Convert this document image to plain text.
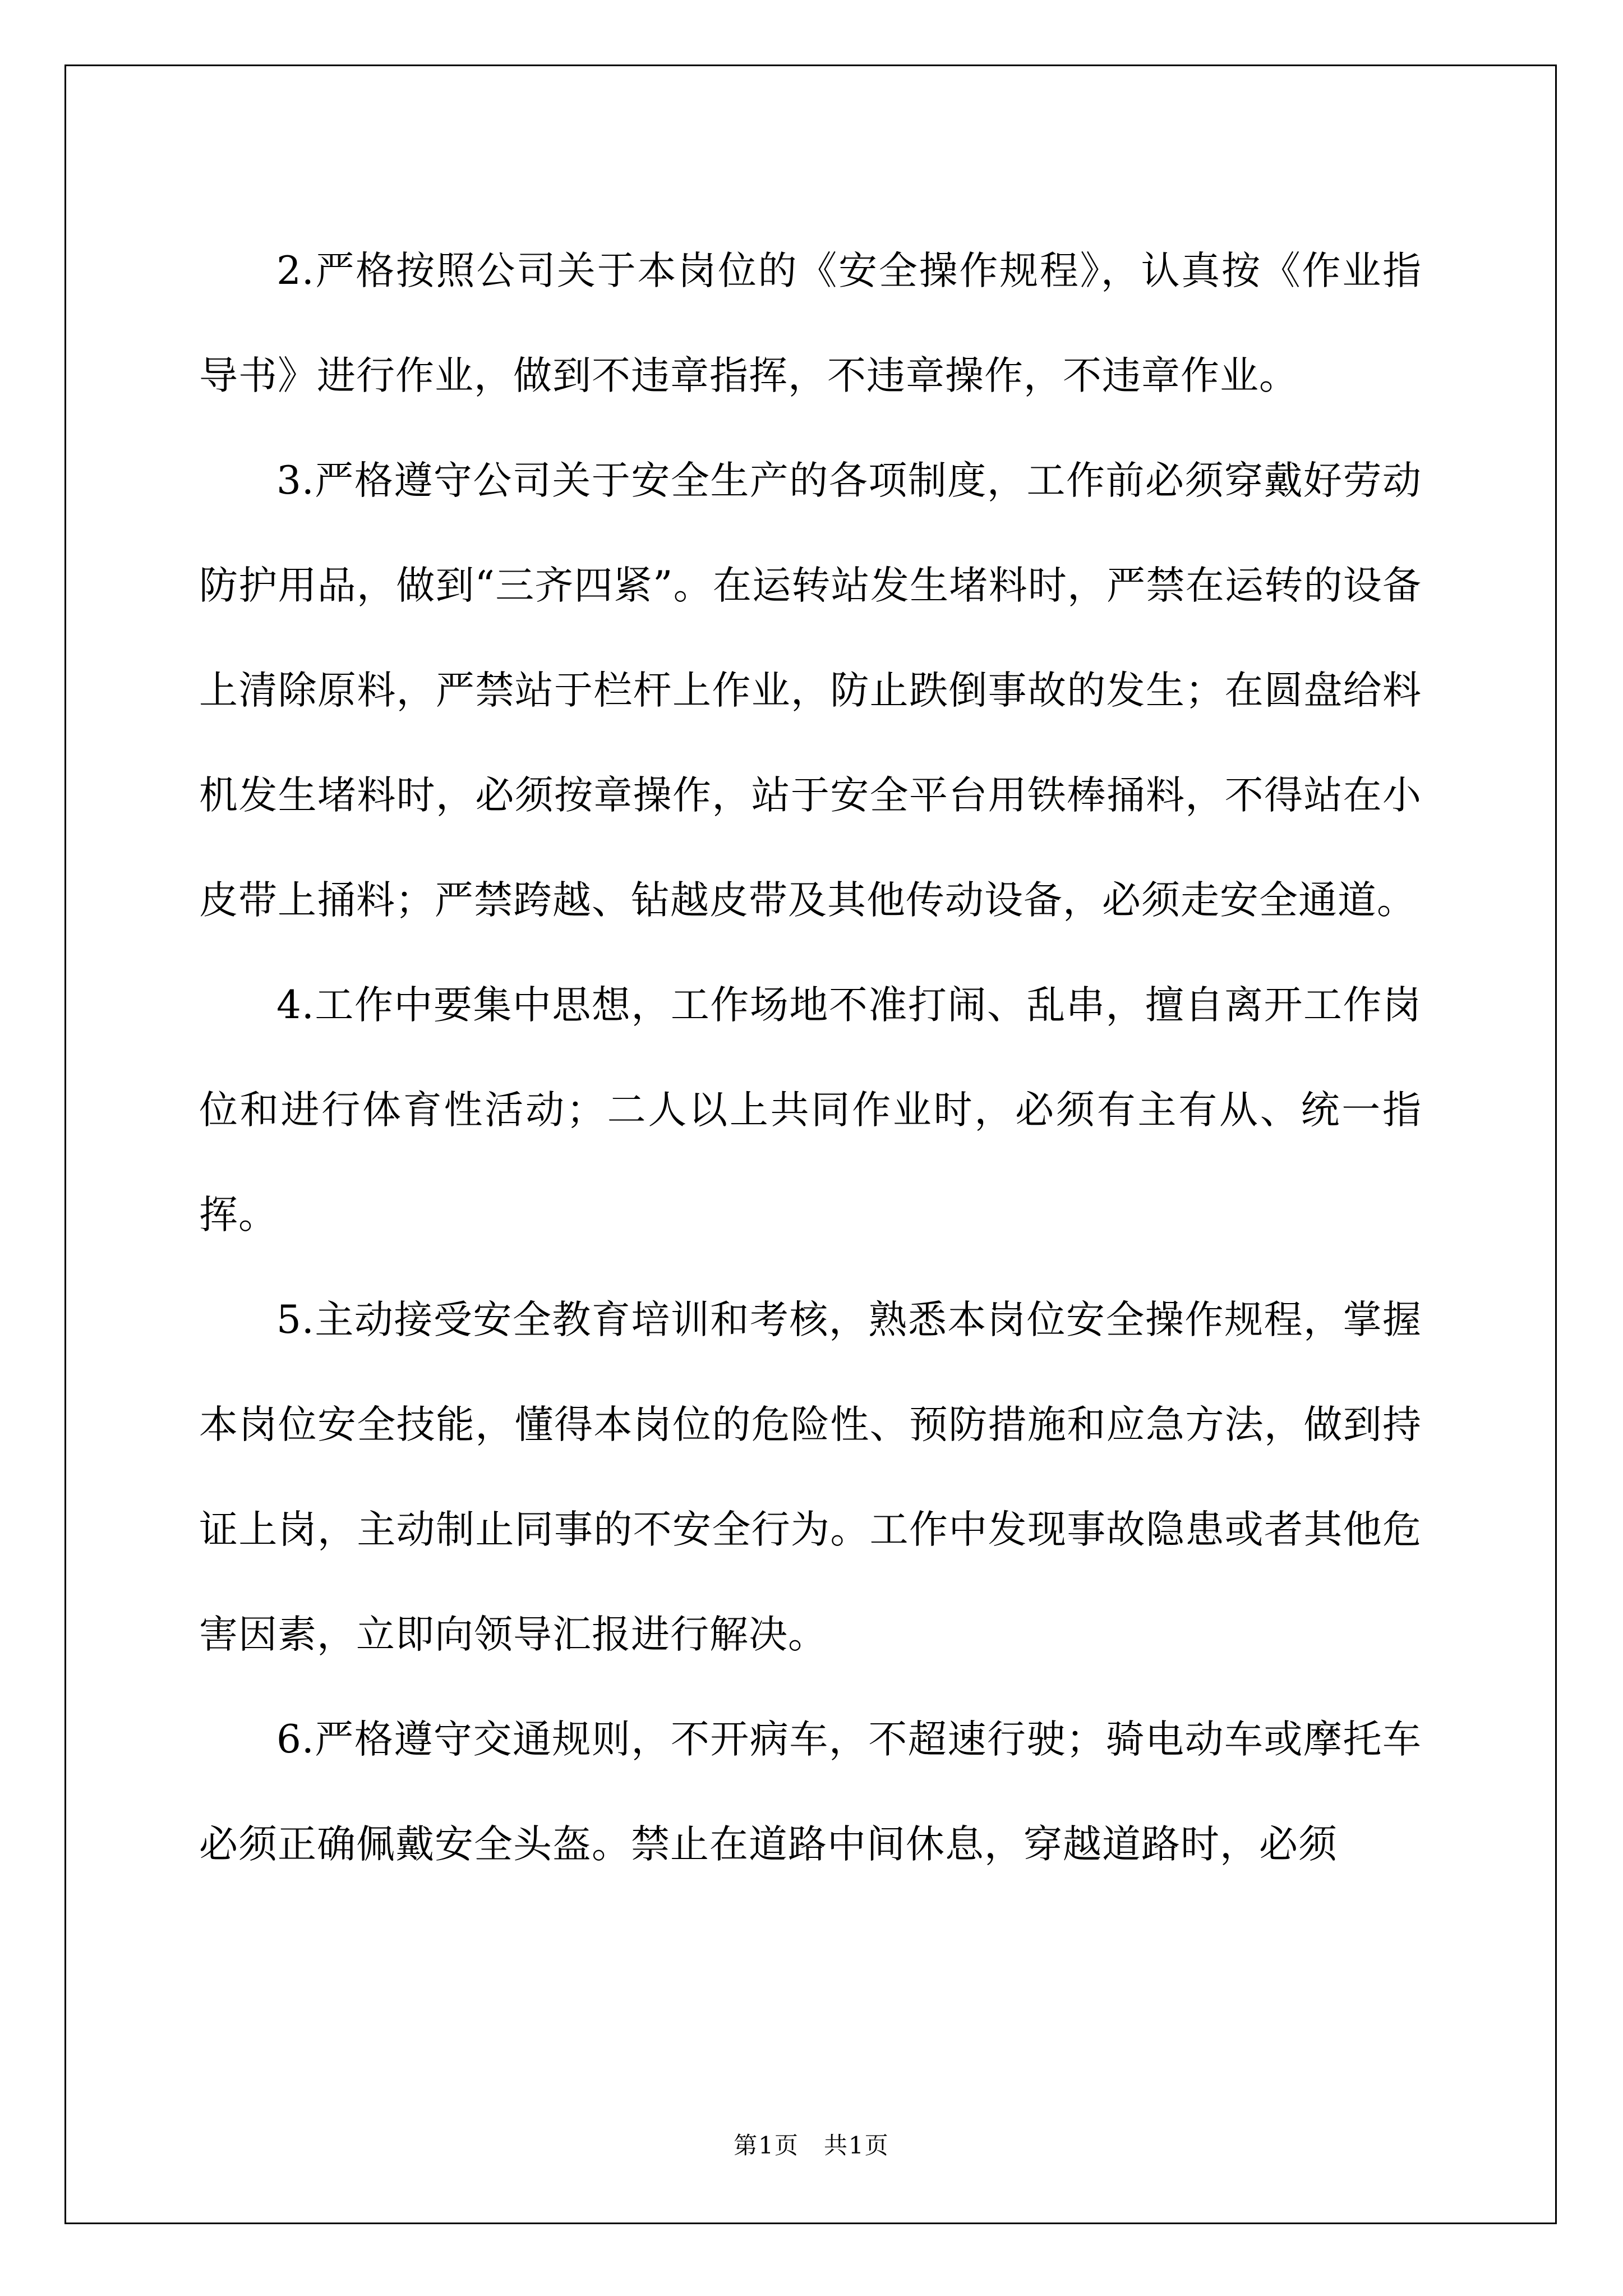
2.严格按照公司关于本岗位的《安全操作规程》，认真按《作业指导书》进行作业，做到不违章指挥，不违章操作，不违章作业。

3.严格遵守公司关于安全生产的各项制度，工作前必须穿戴好劳动防护用品，做到“三齐四紧”。在运转站发生堵料时，严禁在运转的设备上清除原料，严禁站于栏杆上作业，防止跌倒事故的发生；在圆盘给料机发生堵料时，必须按章操作，站于安全平台用铁棒捅料，不得站在小皮带上捅料；严禁跨越、钻越皮带及其他传动设备，必须走安全通道。

4.工作中要集中思想，工作场地不准打闹、乱串，擅自离开工作岗位和进行体育性活动；二人以上共同作业时，必须有主有从、统一指挥。

5.主动接受安全教育培训和考核，熟悉本岗位安全操作规程，掌握本岗位安全技能，懂得本岗位的危险性、预防措施和应急方法，做到持证上岗，主动制止同事的不安全行为。工作中发现事故隐患或者其他危害因素，立即向领导汇报进行解决。

6.严格遵守交通规则，不开病车，不超速行驶；骑电动车或摩托车必须正确佩戴安全头盔。禁止在道路中间休息，穿越道路时，必须

第1页 共1页
